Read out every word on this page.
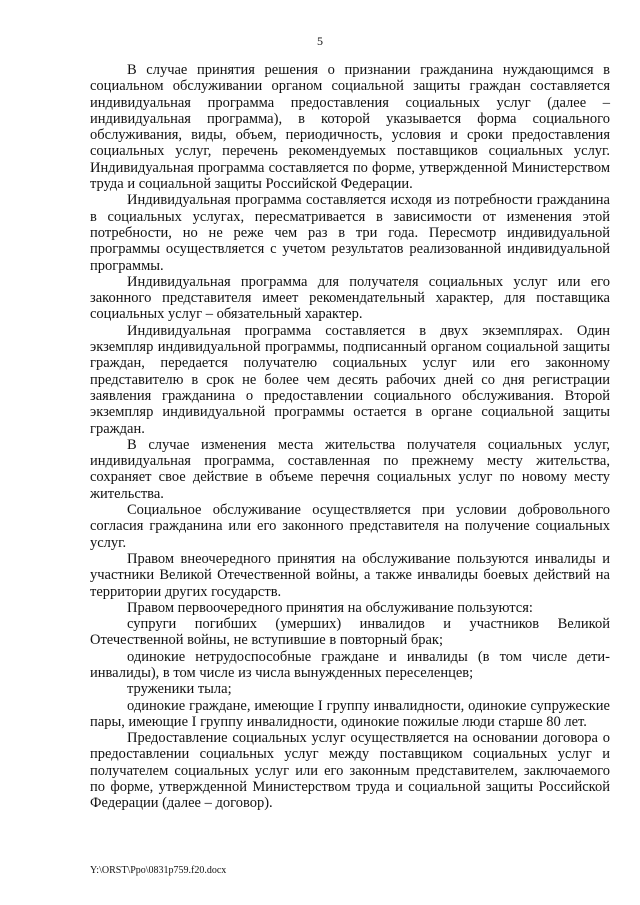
5

В случае принятия решения о признании гражданина нуждающимся в социальном обслуживании органом социальной защиты граждан составляется индивидуальная программа предоставления социальных услуг (далее – индивидуальная программа), в которой указывается форма социального обслуживания, виды, объем, периодичность, условия и сроки предоставления социальных услуг, перечень рекомендуемых поставщиков социальных услуг. Индивидуальная программа составляется по форме, утвержденной Министерством труда и социальной защиты Российской Федерации.

Индивидуальная программа составляется исходя из потребности гражданина в социальных услугах, пересматривается в зависимости от изменения этой потребности, но не реже чем раз в три года. Пересмотр индивидуальной программы осуществляется с учетом результатов реализованной индивидуальной программы.

Индивидуальная программа для получателя социальных услуг или его законного представителя имеет рекомендательный характер, для поставщика социальных услуг – обязательный характер.

Индивидуальная программа составляется в двух экземплярах. Один экземпляр индивидуальной программы, подписанный органом социальной защиты граждан, передается получателю социальных услуг или его законному представителю в срок не более чем десять рабочих дней со дня регистрации заявления гражданина о предоставлении социального обслуживания. Второй экземпляр индивидуальной программы остается в органе социальной защиты граждан.

В случае изменения места жительства получателя социальных услуг, индивидуальная программа, составленная по прежнему месту жительства, сохраняет свое действие в объеме перечня социальных услуг по новому месту жительства.

Социальное обслуживание осуществляется при условии добровольного согласия гражданина или его законного представителя на получение социальных услуг.

Правом внеочередного принятия на обслуживание пользуются инвалиды и участники Великой Отечественной войны, а также инвалиды боевых действий на территории других государств.

Правом первоочередного принятия на обслуживание пользуются:

супруги погибших (умерших) инвалидов и участников Великой Отечественной войны, не вступившие в повторный брак;

одинокие нетрудоспособные граждане и инвалиды (в том числе дети-инвалиды), в том числе из числа вынужденных переселенцев;

труженики тыла;

одинокие граждане, имеющие I группу инвалидности, одинокие супружеские пары, имеющие I группу инвалидности, одинокие пожилые люди старше 80 лет.

Предоставление социальных услуг осуществляется на основании договора о предоставлении социальных услуг между поставщиком социальных услуг и получателем социальных услуг или его законным представителем, заключаемого по форме, утвержденной Министерством труда и социальной защиты Российской Федерации (далее – договор).

Y:\ORST\Ppo\0831p759.f20.docx
